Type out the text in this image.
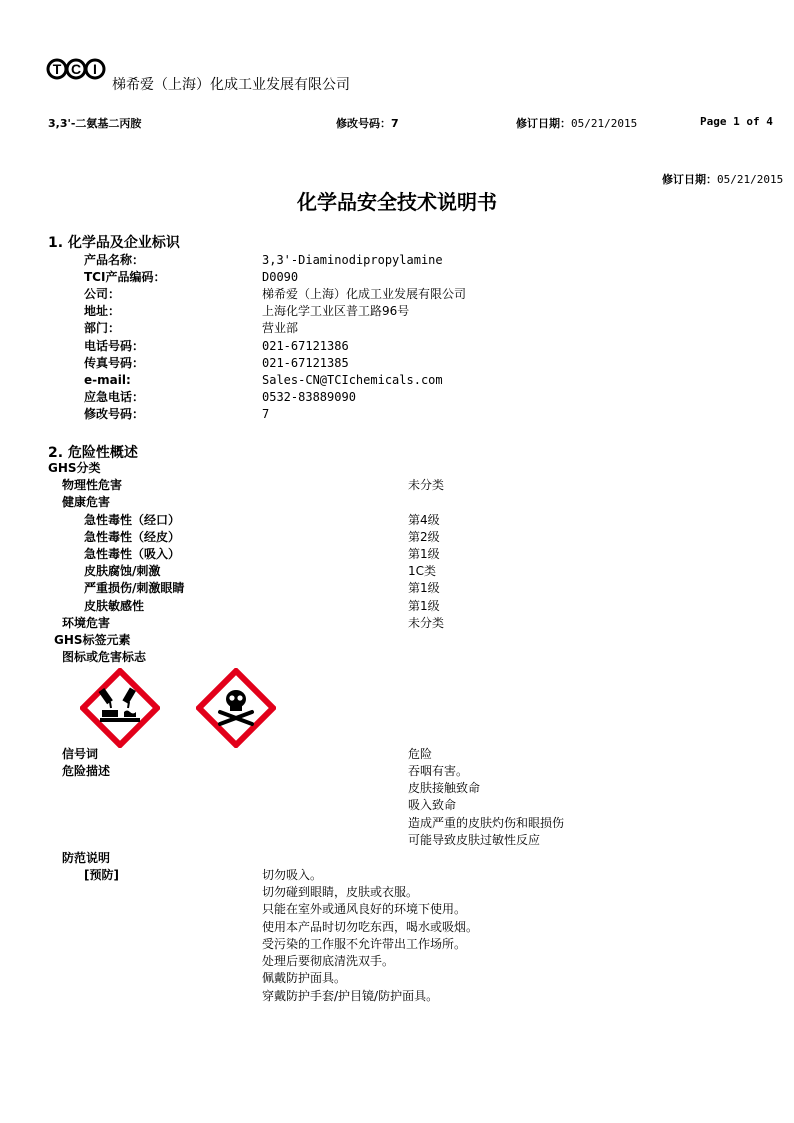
T C I
梯希爱（上海）化成工业发展有限公司
3,3'-二氨基二丙胺	修改号码：7	修订日期：05/21/2015	Page 1 of 4
修订日期：05/21/2015
化学品安全技术说明书
1. 化学品及企业标识
产品名称：	3,3'-Diaminodipropylamine
TCI产品编码：	D0090
公司：	梯希爱（上海）化成工业发展有限公司
地址：	上海化学工业区普工路96号
部门：	营业部
电话号码：	021-67121386
传真号码：	021-67121385
e-mail:	Sales-CN@TCIchemicals.com
应急电话：	0532-83889090
修改号码：	7
2. 危险性概述
GHS分类
物理性危害	未分类
健康危害
急性毒性（经口）	第4级
急性毒性（经皮）	第2级
急性毒性（吸入）	第1级
皮肤腐蚀/刺激	1C类
严重损伤/刺激眼睛	第1级
皮肤敏感性	第1级
环境危害	未分类
GHS标签元素
图标或危害标志
信号词	危险
危险描述	吞咽有害。
皮肤接触致命
吸入致命
造成严重的皮肤灼伤和眼损伤
可能导致皮肤过敏性反应
防范说明
[预防]	切勿吸入。
切勿碰到眼睛，皮肤或衣服。
只能在室外或通风良好的环境下使用。
使用本产品时切勿吃东西，喝水或吸烟。
受污染的工作服不允许带出工作场所。
处理后要彻底清洗双手。
佩戴防护面具。
穿戴防护手套/护目镜/防护面具。
